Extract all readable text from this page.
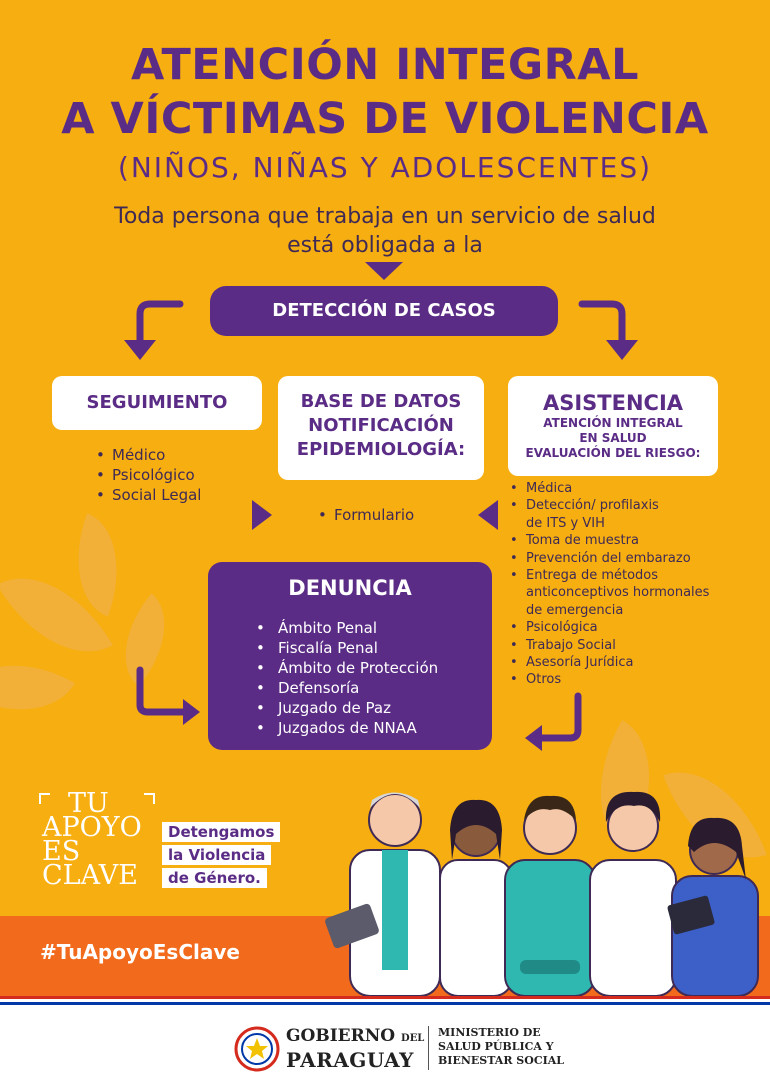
ATENCIÓN INTEGRAL
A VÍCTIMAS DE VIOLENCIA
(NIÑOS, NIÑAS Y ADOLESCENTES)
Toda persona que trabaja en un servicio de salud
está obligada a la
DETECCIÓN DE CASOS
SEGUIMIENTO
• Médico
• Psicológico
• Social Legal
BASE DE DATOS
NOTIFICACIÓN
EPIDEMIOLOGÍA:
• Formulario
ASISTENCIA
ATENCIÓN INTEGRAL
EN SALUD
EVALUACIÓN DEL RIESGO:
• Médica
• Detección/ profilaxis
de ITS y VIH
• Toma de muestra
• Prevención del embarazo
• Entrega de métodos
anticonceptivos hormonales
de emergencia
• Psicológica
• Trabajo Social
• Asesoría Jurídica
• Otros
DENUNCIA
• Ámbito Penal
• Fiscalía Penal
• Ámbito de Protección
• Defensoría
• Juzgado de Paz
• Juzgados de NNAA
TU
APOYO
ES
CLAVE
Detengamos
la Violencia
de Género.
#TuApoyoEsClave
GOBIERNO DEL
PARAGUAY
MINISTERIO DE
SALUD PÚBLICA Y
BIENESTAR SOCIAL
